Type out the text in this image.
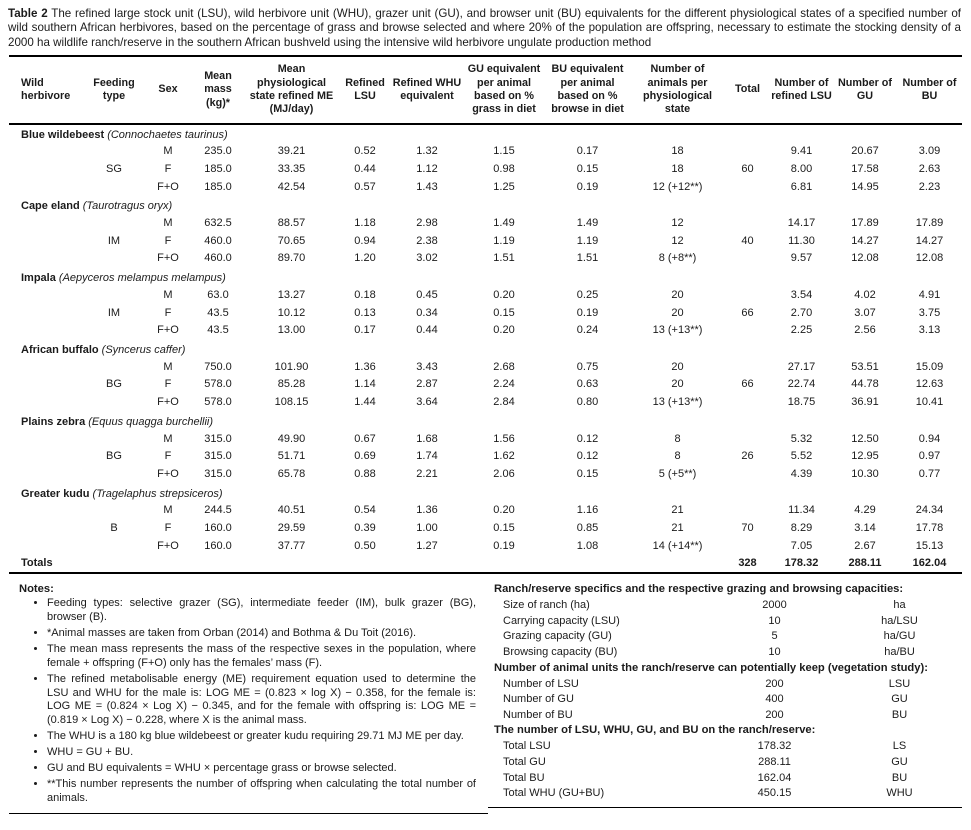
Table 2 The refined large stock unit (LSU), wild herbivore unit (WHU), grazer unit (GU), and browser unit (BU) equivalents for the different physiological states of a specified number of wild southern African herbivores, based on the percentage of grass and browse selected and where 20% of the population are offspring, necessary to estimate the stocking density of a 2000 ha wildlife ranch/reserve in the southern African bushveld using the intensive wild herbivore ungulate production method

Wild herbivore	Feeding type	Sex	Mean mass (kg)*	Mean physiological state refined ME (MJ/day)	Refined LSU	Refined WHU equivalent	GU equivalent per animal based on % grass in diet	BU equivalent per animal based on % browse in diet	Number of animals per physiological state	Total	Number of refined LSU	Number of GU	Number of BU
Blue wildebeest (Connochaetes taurinus)													
		M	235.0	39.21	0.52	1.32	1.15	0.17	18		9.41	20.67	3.09
	SG	F	185.0	33.35	0.44	1.12	0.98	0.15	18	60	8.00	17.58	2.63
		F+O	185.0	42.54	0.57	1.43	1.25	0.19	12 (+12**)		6.81	14.95	2.23
Cape eland (Taurotragus oryx)													
		M	632.5	88.57	1.18	2.98	1.49	1.49	12		14.17	17.89	17.89
	IM	F	460.0	70.65	0.94	2.38	1.19	1.19	12	40	11.30	14.27	14.27
		F+O	460.0	89.70	1.20	3.02	1.51	1.51	8 (+8**)		9.57	12.08	12.08
Impala (Aepyceros melampus melampus)													
		M	63.0	13.27	0.18	0.45	0.20	0.25	20		3.54	4.02	4.91
	IM	F	43.5	10.12	0.13	0.34	0.15	0.19	20	66	2.70	3.07	3.75
		F+O	43.5	13.00	0.17	0.44	0.20	0.24	13 (+13**)		2.25	2.56	3.13
African buffalo (Syncerus caffer)													
		M	750.0	101.90	1.36	3.43	2.68	0.75	20		27.17	53.51	15.09
	BG	F	578.0	85.28	1.14	2.87	2.24	0.63	20	66	22.74	44.78	12.63
		F+O	578.0	108.15	1.44	3.64	2.84	0.80	13 (+13**)		18.75	36.91	10.41
Plains zebra (Equus quagga burchellii)													
		M	315.0	49.90	0.67	1.68	1.56	0.12	8		5.32	12.50	0.94
	BG	F	315.0	51.71	0.69	1.74	1.62	0.12	8	26	5.52	12.95	0.97
		F+O	315.0	65.78	0.88	2.21	2.06	0.15	5 (+5**)		4.39	10.30	0.77
Greater kudu (Tragelaphus strepsiceros)													
		M	244.5	40.51	0.54	1.36	0.20	1.16	21		11.34	4.29	24.34
	B	F	160.0	29.59	0.39	1.00	0.15	0.85	21	70	8.29	3.14	17.78
		F+O	160.0	37.77	0.50	1.27	0.19	1.08	14 (+14**)		7.05	2.67	15.13
Totals										328	178.32	288.11	162.04
Notes:
• Feeding types: selective grazer (SG), intermediate feeder (IM), bulk grazer (BG), browser (B).
• *Animal masses are taken from Orban (2014) and Bothma & Du Toit (2016).
• The mean mass represents the mass of the respective sexes in the population, where female + offspring (F+O) only has the females’ mass (F).
• The refined metabolisable energy (ME) requirement equation used to determine the LSU and WHU for the male is: LOG ME = (0.823 × log X) − 0.358, for the female is: LOG ME = (0.824 × Log X) − 0.345, and for the female with offspring is: LOG ME = (0.819 × Log X) − 0.228, where X is the animal mass.
• The WHU is a 180 kg blue wildebeest or greater kudu requiring 29.71 MJ ME per day.
• WHU = GU + BU.
• GU and BU equivalents = WHU × percentage grass or browse selected.
• **This number represents the number of offspring when calculating the total number of animals.
Ranch/reserve specifics and the respective grazing and browsing capacities:
Size of ranch (ha)	2000	ha
Carrying capacity (LSU)	10	ha/LSU
Grazing capacity (GU)	5	ha/GU
Browsing capacity (BU)	10	ha/BU
Number of animal units the ranch/reserve can potentially keep (vegetation study):
Number of LSU	200	LSU
Number of GU	400	GU
Number of BU	200	BU
The number of LSU, WHU, GU, and BU on the ranch/reserve:
Total LSU	178.32	LS
Total GU	288.11	GU
Total BU	162.04	BU
Total WHU (GU+BU)	450.15	WHU
